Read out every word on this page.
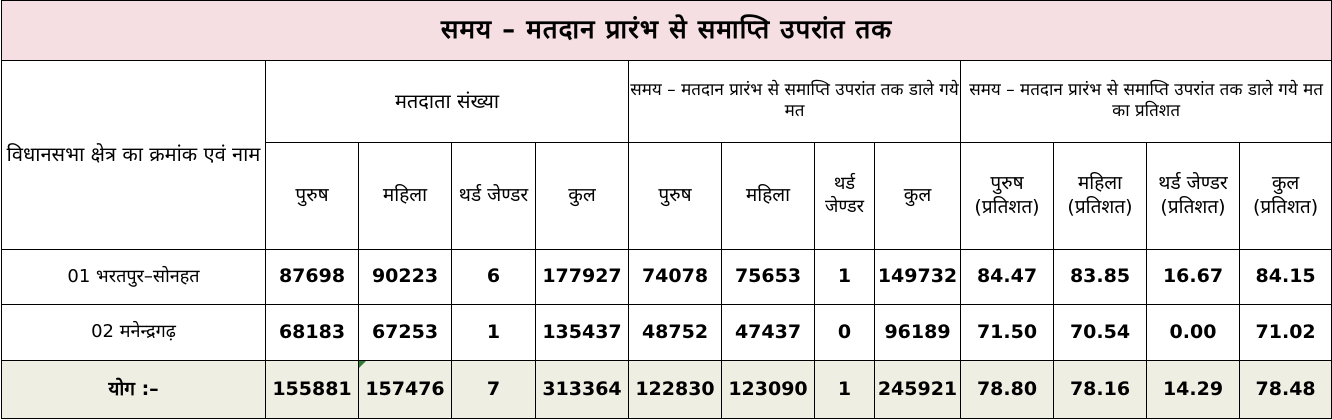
समय – मतदान प्रारंभ से समाप्ति उपरांत तक												
विधानसभा क्षेत्र का क्रमांक एवं नाम	मतदाता संख्या				समय – मतदान प्रारंभ से समाप्ति उपरांत तक डाले गये मत				समय – मतदान प्रारंभ से समाप्ति उपरांत तक डाले गये मत का प्रतिशत			
	पुरुष	महिला	थर्ड जेण्डर	कुल	पुरुष	महिला	थर्ड जेण्डर	कुल	पुरुष (प्रतिशत)	महिला (प्रतिशत)	थर्ड जेण्डर (प्रतिशत)	कुल (प्रतिशत)
01 भरतपुर–सोनहत	87698	90223	6	177927	74078	75653	1	149732	84.47	83.85	16.67	84.15
02 मनेन्द्रगढ़	68183	67253	1	135437	48752	47437	0	96189	71.50	70.54	0.00	71.02
योग :–	155881	157476	7	313364	122830	123090	1	245921	78.80	78.16	14.29	78.48
